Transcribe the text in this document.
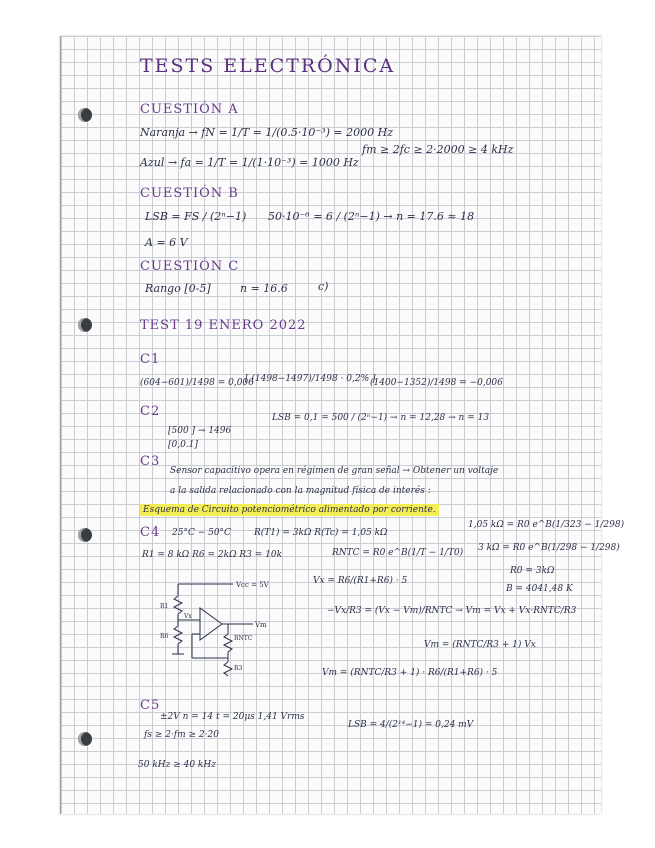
TESTS ELECTRÓNICA
CUESTIÓN A
Naranja → fN = 1/T = 1/(0.5·10⁻³) = 2000 Hz
Azul → fa = 1/T = 1/(1·10⁻³) = 1000 Hz
fm ≥ 2fc ≥ 2·2000 ≥ 4 kHz
CUESTIÓN B
LSB = FS / (2ⁿ−1) 50·10⁻⁶ = 6 / (2ⁿ−1) → n = 17.6 ≈ 18
A = 6 V
CUESTIÓN C
Rango [0-5]	n = 16.6	c)
TEST 19 ENERO 2022
C1
(604−601)/1498 = 0,006
[ (1498−1497)/1498 · 0,2% ]
(1400−1352)/1498 = −0,006
C2
[500 ] → 1496
[0,0.1]
LSB = 0,1 = 500 / (2ⁿ−1) → n = 12,28 → n = 13
C3
Sensor capacitivo opera en régimen de gran señal → Obtener un voltaje
a la salida relacionado con la magnitud física de interés :
Esquema de Circuito potenciométrico alimentado por corriente.
C4 25°C − 50°C	R(T1) = 3kΩ R(Tc) = 1,05 kΩ
R1 = 8 kΩ R6 = 2kΩ R3 = 10k	RNTC = R0 e^B(1/T − 1/T0)
1,05 kΩ = R0 e^B(1/323 − 1/298)
3 kΩ = R0 e^B(1/298 − 1/298)
R0 = 3kΩ
B = 4041,48 K
Vx = R6/(R1+R6) · 5
−Vx/R3 = (Vx − Vm)/RNTC → Vm = Vx + Vx·RNTC/R3
Vm = (RNTC/R3 + 1) Vx
Vm = (RNTC/R3 + 1) · R6/(R1+R6) · 5
Vcc = 5V
Vm
Vx
RNTC
R1
R6
R3
C5
±2V n = 14 t = 20μs 1,41 Vrms
fs ≥ 2·fm ≥ 2·20
50 kHz ≥ 40 kHz
LSB = 4/(2¹⁴−1) = 0,24 mV
